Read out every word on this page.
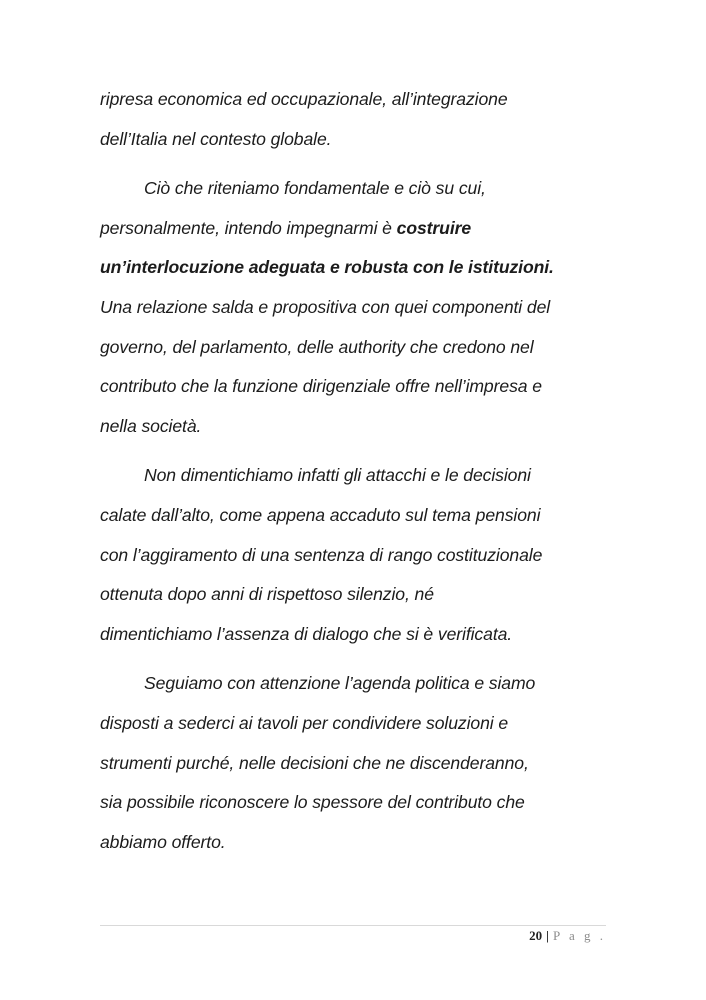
ripresa economica ed occupazionale, all’integrazione
dell’Italia nel contesto globale.
Ciò che riteniamo fondamentale e ciò su cui,
personalmente, intendo impegnarmi è costruire
un’interlocuzione adeguata e robusta con le istituzioni.
Una relazione salda e propositiva con quei componenti del
governo, del parlamento, delle authority che credono nel
contributo che la funzione dirigenziale offre nell’impresa e
nella società.
Non dimentichiamo infatti gli attacchi e le decisioni
calate dall’alto, come appena accaduto sul tema pensioni
con l’aggiramento di una sentenza di rango costituzionale
ottenuta dopo anni di rispettoso silenzio, né
dimentichiamo l’assenza di dialogo che si è verificata.
Seguiamo con attenzione l’agenda politica e siamo
disposti a sederci ai tavoli per condividere soluzioni e
strumenti purché, nelle decisioni che ne discenderanno,
sia possibile riconoscere lo spessore del contributo che
abbiamo offerto.
20 | P a g .
